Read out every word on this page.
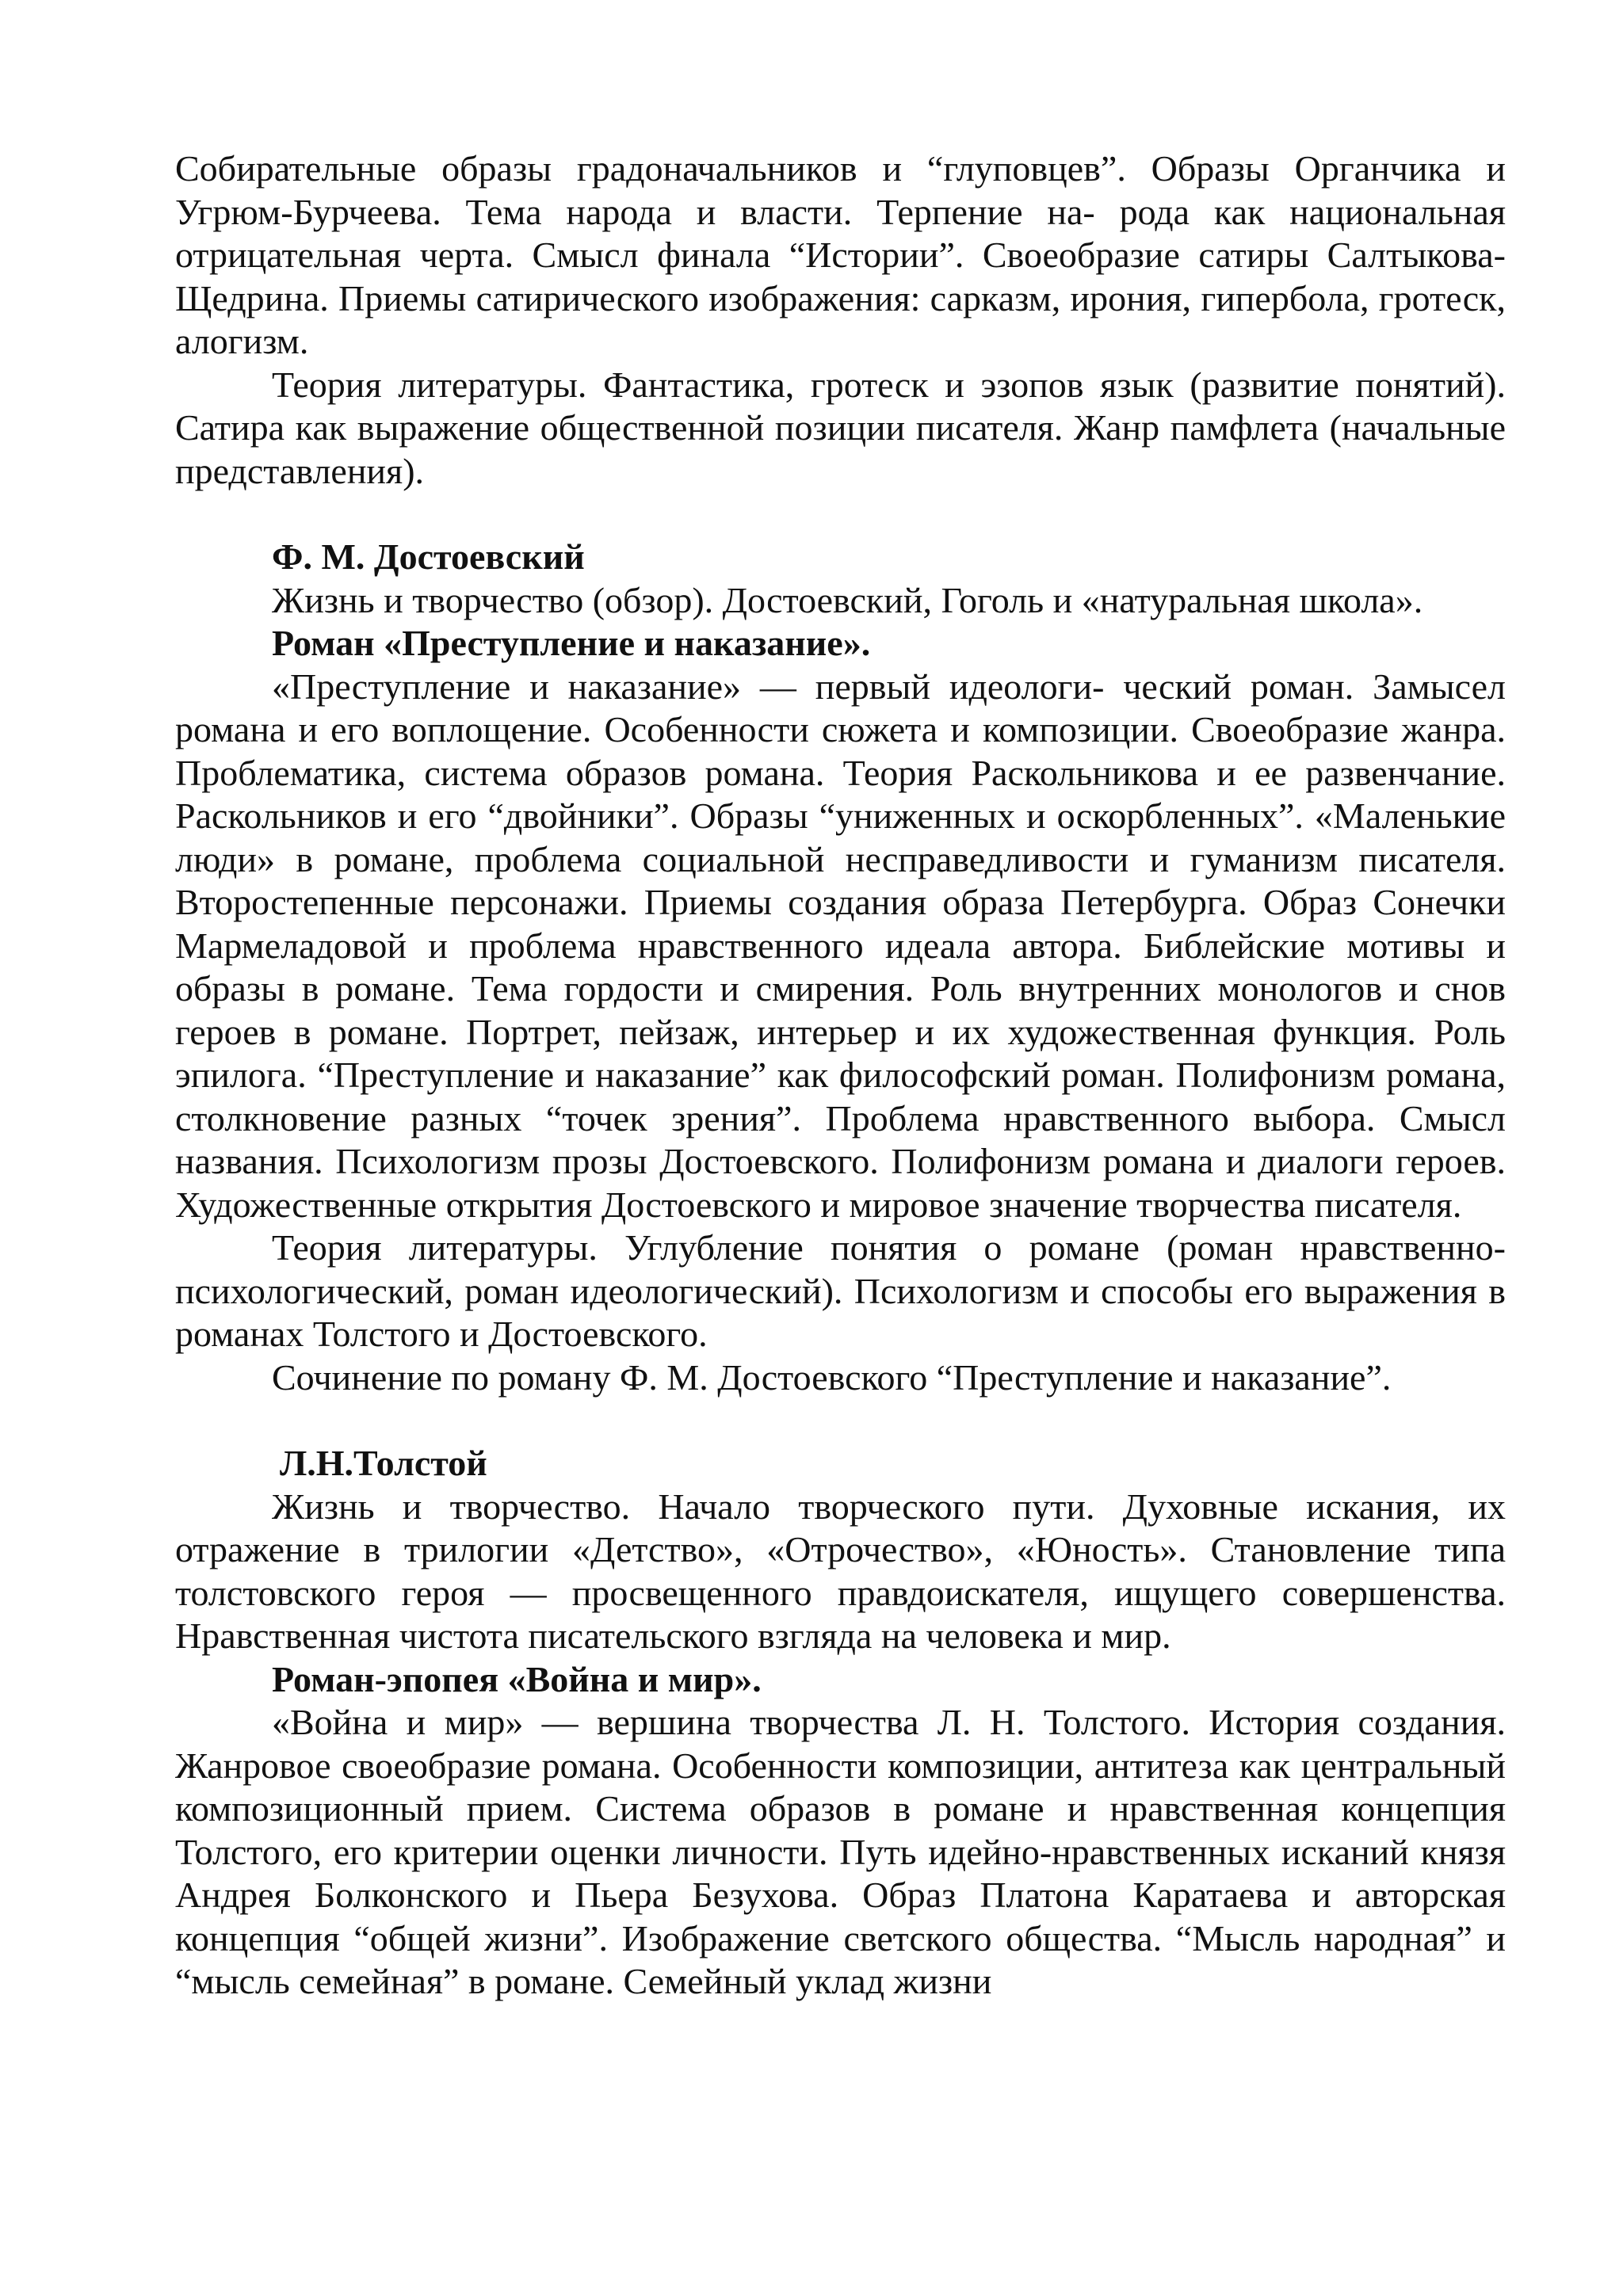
Собирательные образы градоначальников и “глуповцев”. Образы Органчика и Угрюм-Бурчеева. Тема народа и власти. Терпение на- рода как национальная отрицательная черта. Смысл финала “Истории”. Своеобразие сатиры Салтыкова-Щедрина. Приемы сатирического изображения: сарказм, ирония, гипербола, гротеск, алогизм.

Теория литературы. Фантастика, гротеск и эзопов язык (развитие понятий). Сатира как выражение общественной позиции писателя. Жанр памфлета (начальные представления).

Ф. М. Достоевский

Жизнь и творчество (обзор). Достоевский, Гоголь и «натуральная школа».

Роман «Преступление и наказание».

«Преступление и наказание» — первый идеологи- ческий роман. Замысел романа и его воплощение. Особенности сюжета и композиции. Своеобразие жанра. Проблематика, система образов романа. Теория Раскольникова и ее развенчание. Раскольников и его “двойники”. Образы “униженных и оскорбленных”. «Маленькие люди» в романе, проблема социальной несправедливости и гуманизм писателя. Второстепенные персонажи. Приемы создания образа Петербурга. Образ Сонечки Мармеладовой и проблема нравственного идеала автора. Библейские мотивы и образы в романе. Тема гордости и смирения. Роль внутренних монологов и снов героев в романе. Портрет, пейзаж, интерьер и их художественная функция. Роль эпилога. “Преступление и наказание” как философский роман. Полифонизм романа, столкновение разных “точек зрения”. Проблема нравственного выбора. Смысл названия. Психологизм прозы Достоевского. Полифонизм романа и диалоги героев. Художественные открытия Достоевского и мировое значение творчества писателя.

Теория литературы. Углубление понятия о романе (роман нравственно-психологический, роман идеологический). Психологизм и способы его выражения в романах Толстого и Достоевского.

Сочинение по роману Ф. М. Достоевского “Преступление и наказание”.

Л.Н.Толстой

Жизнь и творчество. Начало творческого пути. Духовные искания, их отражение в трилогии «Детство», «Отрочество», «Юность». Становление типа толстовского героя — просвещенного правдоискателя, ищущего совершенства. Нравственная чистота писательского взгляда на человека и мир.

Роман-эпопея «Война и мир».

«Война и мир» — вершина творчества Л. Н. Толстого. История создания. Жанровое своеобразие романа. Особенности композиции, антитеза как центральный композиционный прием. Система образов в романе и нравственная концепция Толстого, его критерии оценки личности. Путь идейно-нравственных исканий князя Андрея Болконского и Пьера Безухова. Образ Платона Каратаева и авторская концепция “общей жизни”. Изображение светского общества. “Мысль народная” и “мысль семейная” в романе. Семейный уклад жизни
